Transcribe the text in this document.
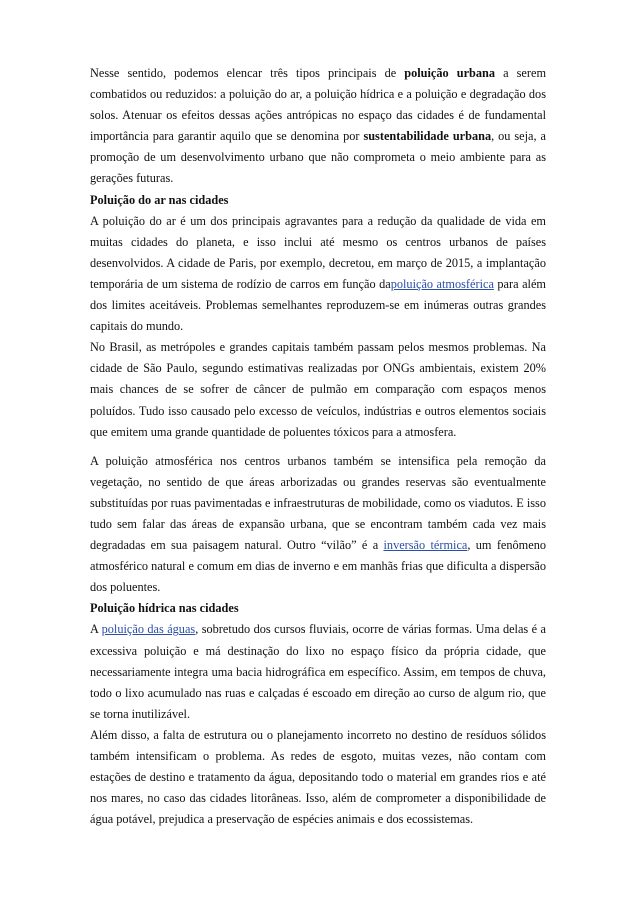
Nesse sentido, podemos elencar três tipos principais de poluição urbana a serem combatidos ou reduzidos: a poluição do ar, a poluição hídrica e a poluição e degradação dos solos. Atenuar os efeitos dessas ações antrópicas no espaço das cidades é de fundamental importância para garantir aquilo que se denomina por sustentabilidade urbana, ou seja, a promoção de um desenvolvimento urbano que não comprometa o meio ambiente para as gerações futuras.

Poluição do ar nas cidades

A poluição do ar é um dos principais agravantes para a redução da qualidade de vida em muitas cidades do planeta, e isso inclui até mesmo os centros urbanos de países desenvolvidos. A cidade de Paris, por exemplo, decretou, em março de 2015, a implantação temporária de um sistema de rodízio de carros em função dapoluição atmosférica para além dos limites aceitáveis. Problemas semelhantes reproduzem-se em inúmeras outras grandes capitais do mundo.

No Brasil, as metrópoles e grandes capitais também passam pelos mesmos problemas. Na cidade de São Paulo, segundo estimativas realizadas por ONGs ambientais, existem 20% mais chances de se sofrer de câncer de pulmão em comparação com espaços menos poluídos. Tudo isso causado pelo excesso de veículos, indústrias e outros elementos sociais que emitem uma grande quantidade de poluentes tóxicos para a atmosfera.

A poluição atmosférica nos centros urbanos também se intensifica pela remoção da vegetação, no sentido de que áreas arborizadas ou grandes reservas são eventualmente substituídas por ruas pavimentadas e infraestruturas de mobilidade, como os viadutos. E isso tudo sem falar das áreas de expansão urbana, que se encontram também cada vez mais degradadas em sua paisagem natural. Outro “vilão” é a inversão térmica, um fenômeno atmosférico natural e comum em dias de inverno e em manhãs frias que dificulta a dispersão dos poluentes.

Poluição hídrica nas cidades

A poluição das águas, sobretudo dos cursos fluviais, ocorre de várias formas. Uma delas é a excessiva poluição e má destinação do lixo no espaço físico da própria cidade, que necessariamente integra uma bacia hidrográfica em específico. Assim, em tempos de chuva, todo o lixo acumulado nas ruas e calçadas é escoado em direção ao curso de algum rio, que se torna inutilizável.

Além disso, a falta de estrutura ou o planejamento incorreto no destino de resíduos sólidos também intensificam o problema. As redes de esgoto, muitas vezes, não contam com estações de destino e tratamento da água, depositando todo o material em grandes rios e até nos mares, no caso das cidades litorâneas. Isso, além de comprometer a disponibilidade de água potável, prejudica a preservação de espécies animais e dos ecossistemas.
